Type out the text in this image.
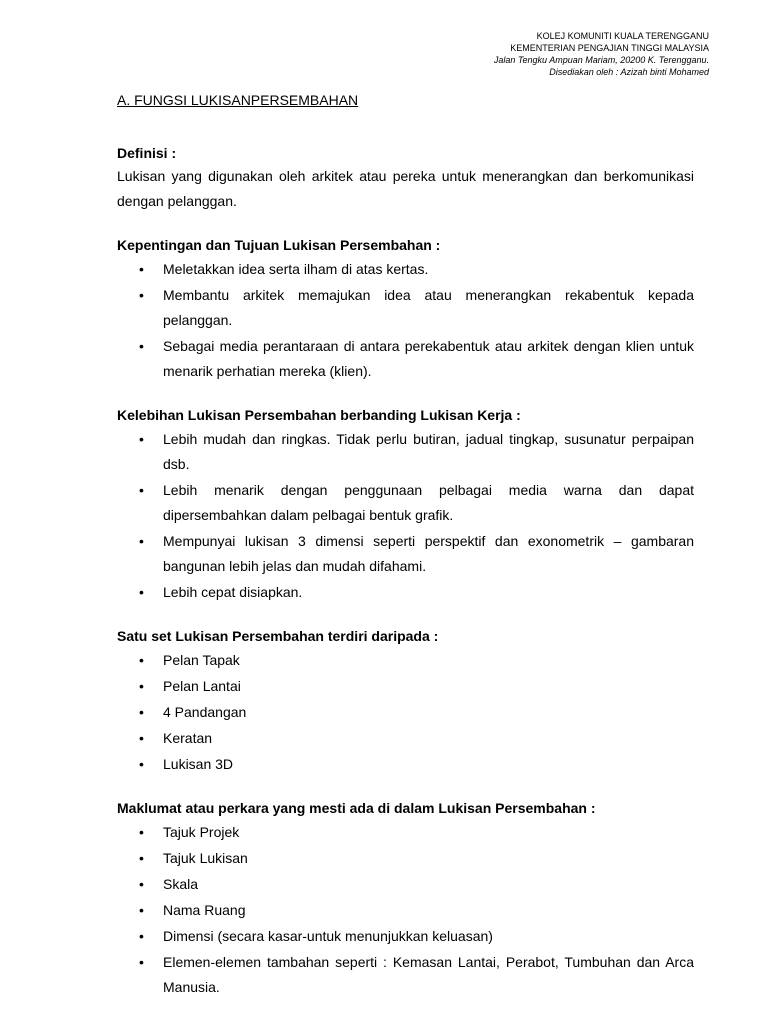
KOLEJ KOMUNITI KUALA TERENGGANU
KEMENTERIAN PENGAJIAN TINGGI MALAYSIA
Jalan Tengku Ampuan Mariam, 20200 K. Terengganu.
Disediakan oleh : Azizah binti Mohamed
A. FUNGSI LUKISANPERSEMBAHAN
Definisi :

Lukisan yang digunakan oleh arkitek atau pereka untuk menerangkan dan berkomunikasi dengan pelanggan.

Kepentingan dan Tujuan Lukisan Persembahan :
• Meletakkan idea serta ilham di atas kertas.
• Membantu arkitek memajukan idea atau menerangkan rekabentuk kepada pelanggan.
• Sebagai media perantaraan di antara perekabentuk atau arkitek dengan klien untuk menarik perhatian mereka (klien).
Kelebihan Lukisan Persembahan berbanding Lukisan Kerja :
• Lebih mudah dan ringkas. Tidak perlu butiran, jadual tingkap, susunatur perpaipan dsb.
• Lebih menarik dengan penggunaan pelbagai media warna dan dapat dipersembahkan dalam pelbagai bentuk grafik.
• Mempunyai lukisan 3 dimensi seperti perspektif dan exonometrik – gambaran bangunan lebih jelas dan mudah difahami.
• Lebih cepat disiapkan.
Satu set Lukisan Persembahan terdiri daripada :
• Pelan Tapak
• Pelan Lantai
• 4 Pandangan
• Keratan
• Lukisan 3D
Maklumat atau perkara yang mesti ada di dalam Lukisan Persembahan :
• Tajuk Projek
• Tajuk Lukisan
• Skala
• Nama Ruang
• Dimensi (secara kasar-untuk menunjukkan keluasan)
• Elemen-elemen tambahan seperti : Kemasan Lantai, Perabot, Tumbuhan dan Arca Manusia.
